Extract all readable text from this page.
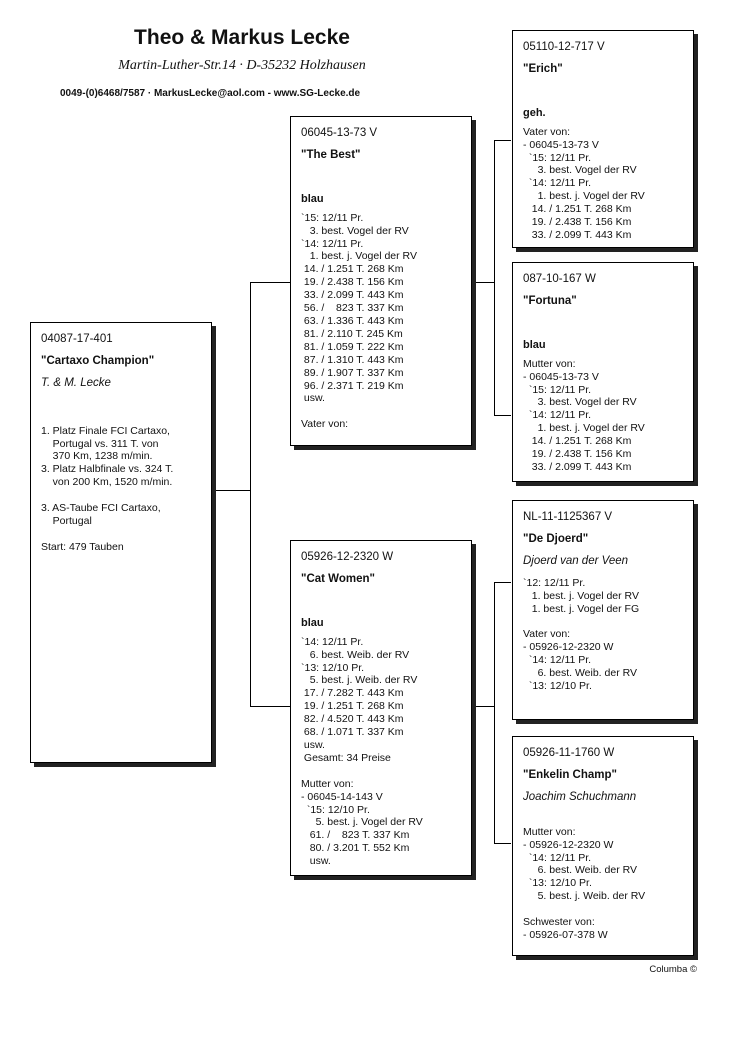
Theo & Markus Lecke
Martin-Luther-Str.14 · D-35232 Holzhausen
0049-(0)6468/7587 · MarkusLecke@aol.com - www.SG-Lecke.de
04087-17-401
"Cartaxo Champion"
T. & M. Lecke

1. Platz Finale FCI Cartaxo,
Portugal vs. 311 T. von
370 Km, 1238 m/min.
3. Platz Halbfinale vs. 324 T.
von 200 Km, 1520 m/min.

3. AS-Taube FCI Cartaxo,
Portugal

Start: 479 Tauben
06045-13-73 V
"The Best"
blau
`15: 12/11 Pr.
3. best. Vogel der RV
`14: 12/11 Pr.
1. best. j. Vogel der RV
14. / 1.251 T. 268 Km
19. / 2.438 T. 156 Km
33. / 2.099 T. 443 Km
56. /    823 T. 337 Km
63. / 1.336 T. 443 Km
81. / 2.110 T. 245 Km
81. / 1.059 T. 222 Km
87. / 1.310 T. 443 Km
89. / 1.907 T. 337 Km
96. / 2.371 T. 219 Km
usw.

Vater von:
05926-12-2320 W
"Cat Women"
blau
`14: 12/11 Pr.
6. best. Weib. der RV
`13: 12/10 Pr.
5. best. j. Weib. der RV
17. / 7.282 T. 443 Km
19. / 1.251 T. 268 Km
82. / 4.520 T. 443 Km
68. / 1.071 T. 337 Km
usw.
Gesamt: 34 Preise

Mutter von:
- 06045-14-143 V
`15: 12/10 Pr.
5. best. j. Vogel der RV
61. /    823 T. 337 Km
80. / 3.201 T. 552 Km
usw.
05110-12-717 V
"Erich"
geh.
Vater von:
- 06045-13-73 V
`15: 12/11 Pr.
3. best. Vogel der RV
`14: 12/11 Pr.
1. best. j. Vogel der RV
14. / 1.251 T. 268 Km
19. / 2.438 T. 156 Km
33. / 2.099 T. 443 Km
087-10-167 W
"Fortuna"
blau
Mutter von:
- 06045-13-73 V
`15: 12/11 Pr.
3. best. Vogel der RV
`14: 12/11 Pr.
1. best. j. Vogel der RV
14. / 1.251 T. 268 Km
19. / 2.438 T. 156 Km
33. / 2.099 T. 443 Km
NL-11-1125367 V
"De Djoerd"
Djoerd van der Veen
`12: 12/11 Pr.
1. best. j. Vogel der RV
1. best. j. Vogel der FG

Vater von:
- 05926-12-2320 W
`14: 12/11 Pr.
6. best. Weib. der RV
`13: 12/10 Pr.
05926-11-1760 W
"Enkelin Champ"
Joachim Schuchmann

Mutter von:
- 05926-12-2320 W
`14: 12/11 Pr.
6. best. Weib. der RV
`13: 12/10 Pr.
5. best. j. Weib. der RV

Schwester von:
- 05926-07-378 W
Columba ©
